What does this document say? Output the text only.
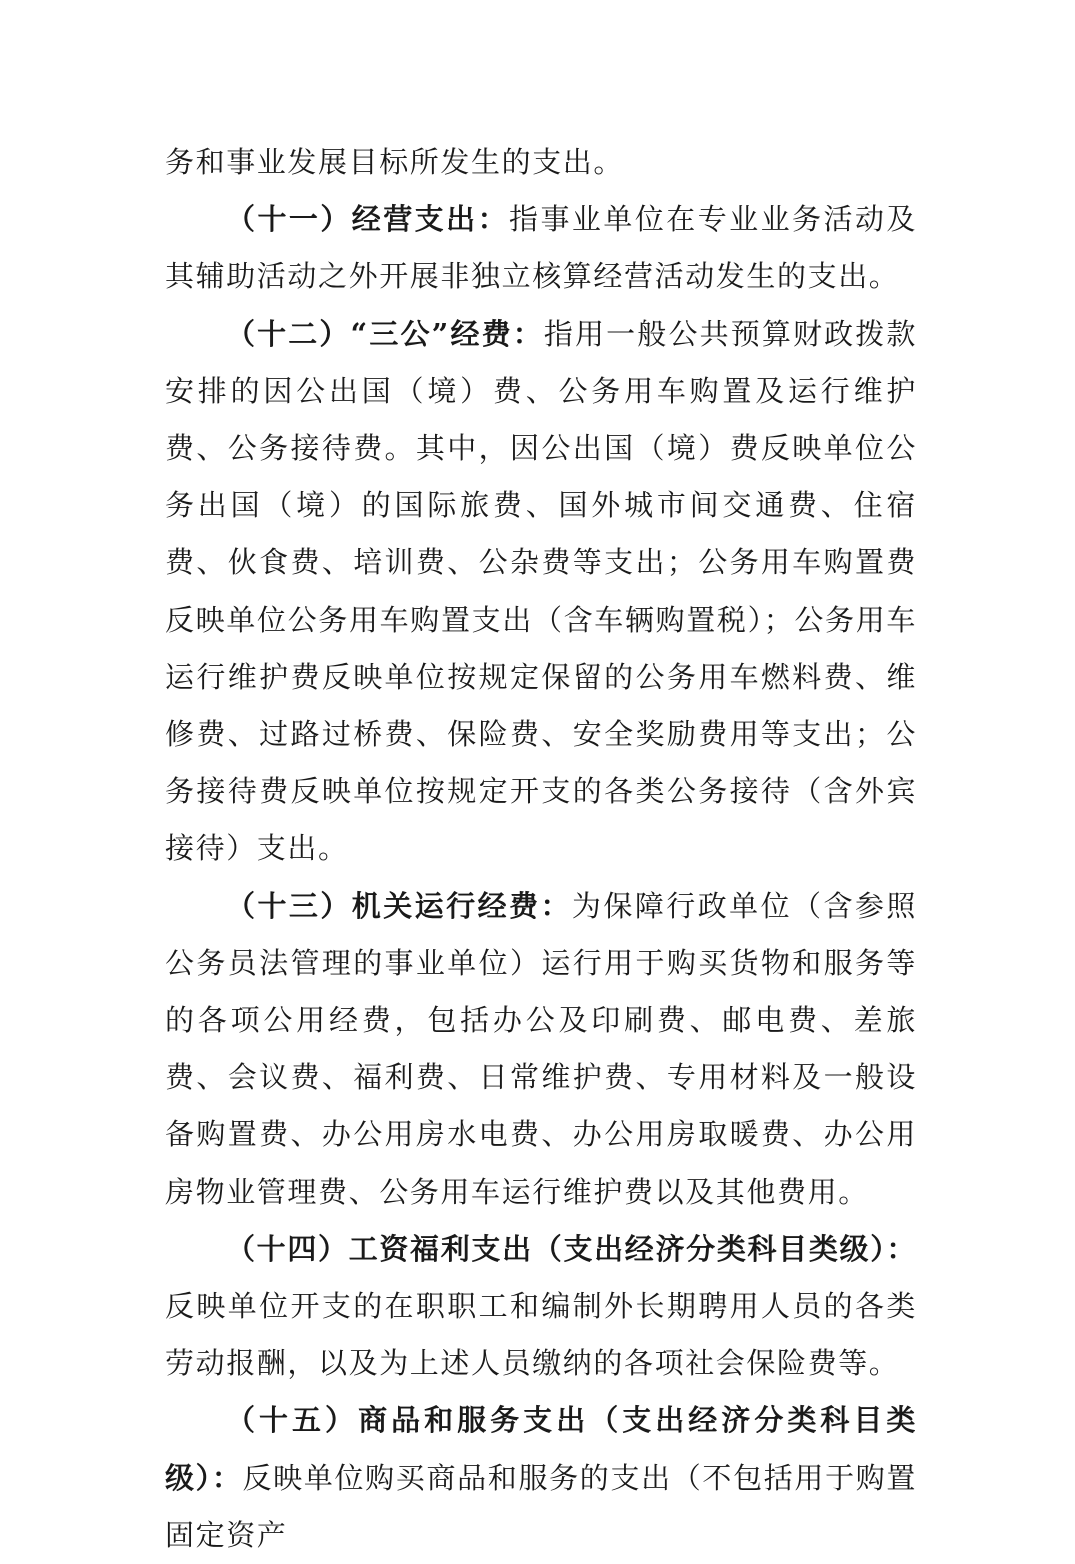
务和事业发展目标所发生的支出。

（十一）经营支出：指事业单位在专业业务活动及其辅助活动之外开展非独立核算经营活动发生的支出。

（十二）“三公”经费：指用一般公共预算财政拨款安排的因公出国（境）费、公务用车购置及运行维护费、公务接待费。其中，因公出国（境）费反映单位公务出国（境）的国际旅费、国外城市间交通费、住宿费、伙食费、培训费、公杂费等支出；公务用车购置费反映单位公务用车购置支出（含车辆购置税）；公务用车运行维护费反映单位按规定保留的公务用车燃料费、维修费、过路过桥费、保险费、安全奖励费用等支出；公务接待费反映单位按规定开支的各类公务接待（含外宾接待）支出。

（十三）机关运行经费：为保障行政单位（含参照公务员法管理的事业单位）运行用于购买货物和服务等的各项公用经费，包括办公及印刷费、邮电费、差旅费、会议费、福利费、日常维护费、专用材料及一般设备购置费、办公用房水电费、办公用房取暖费、办公用房物业管理费、公务用车运行维护费以及其他费用。

（十四）工资福利支出（支出经济分类科目类级）：反映单位开支的在职职工和编制外长期聘用人员的各类劳动报酬，以及为上述人员缴纳的各项社会保险费等。

（十五）商品和服务支出（支出经济分类科目类级）：反映单位购买商品和服务的支出（不包括用于购置固定资产
